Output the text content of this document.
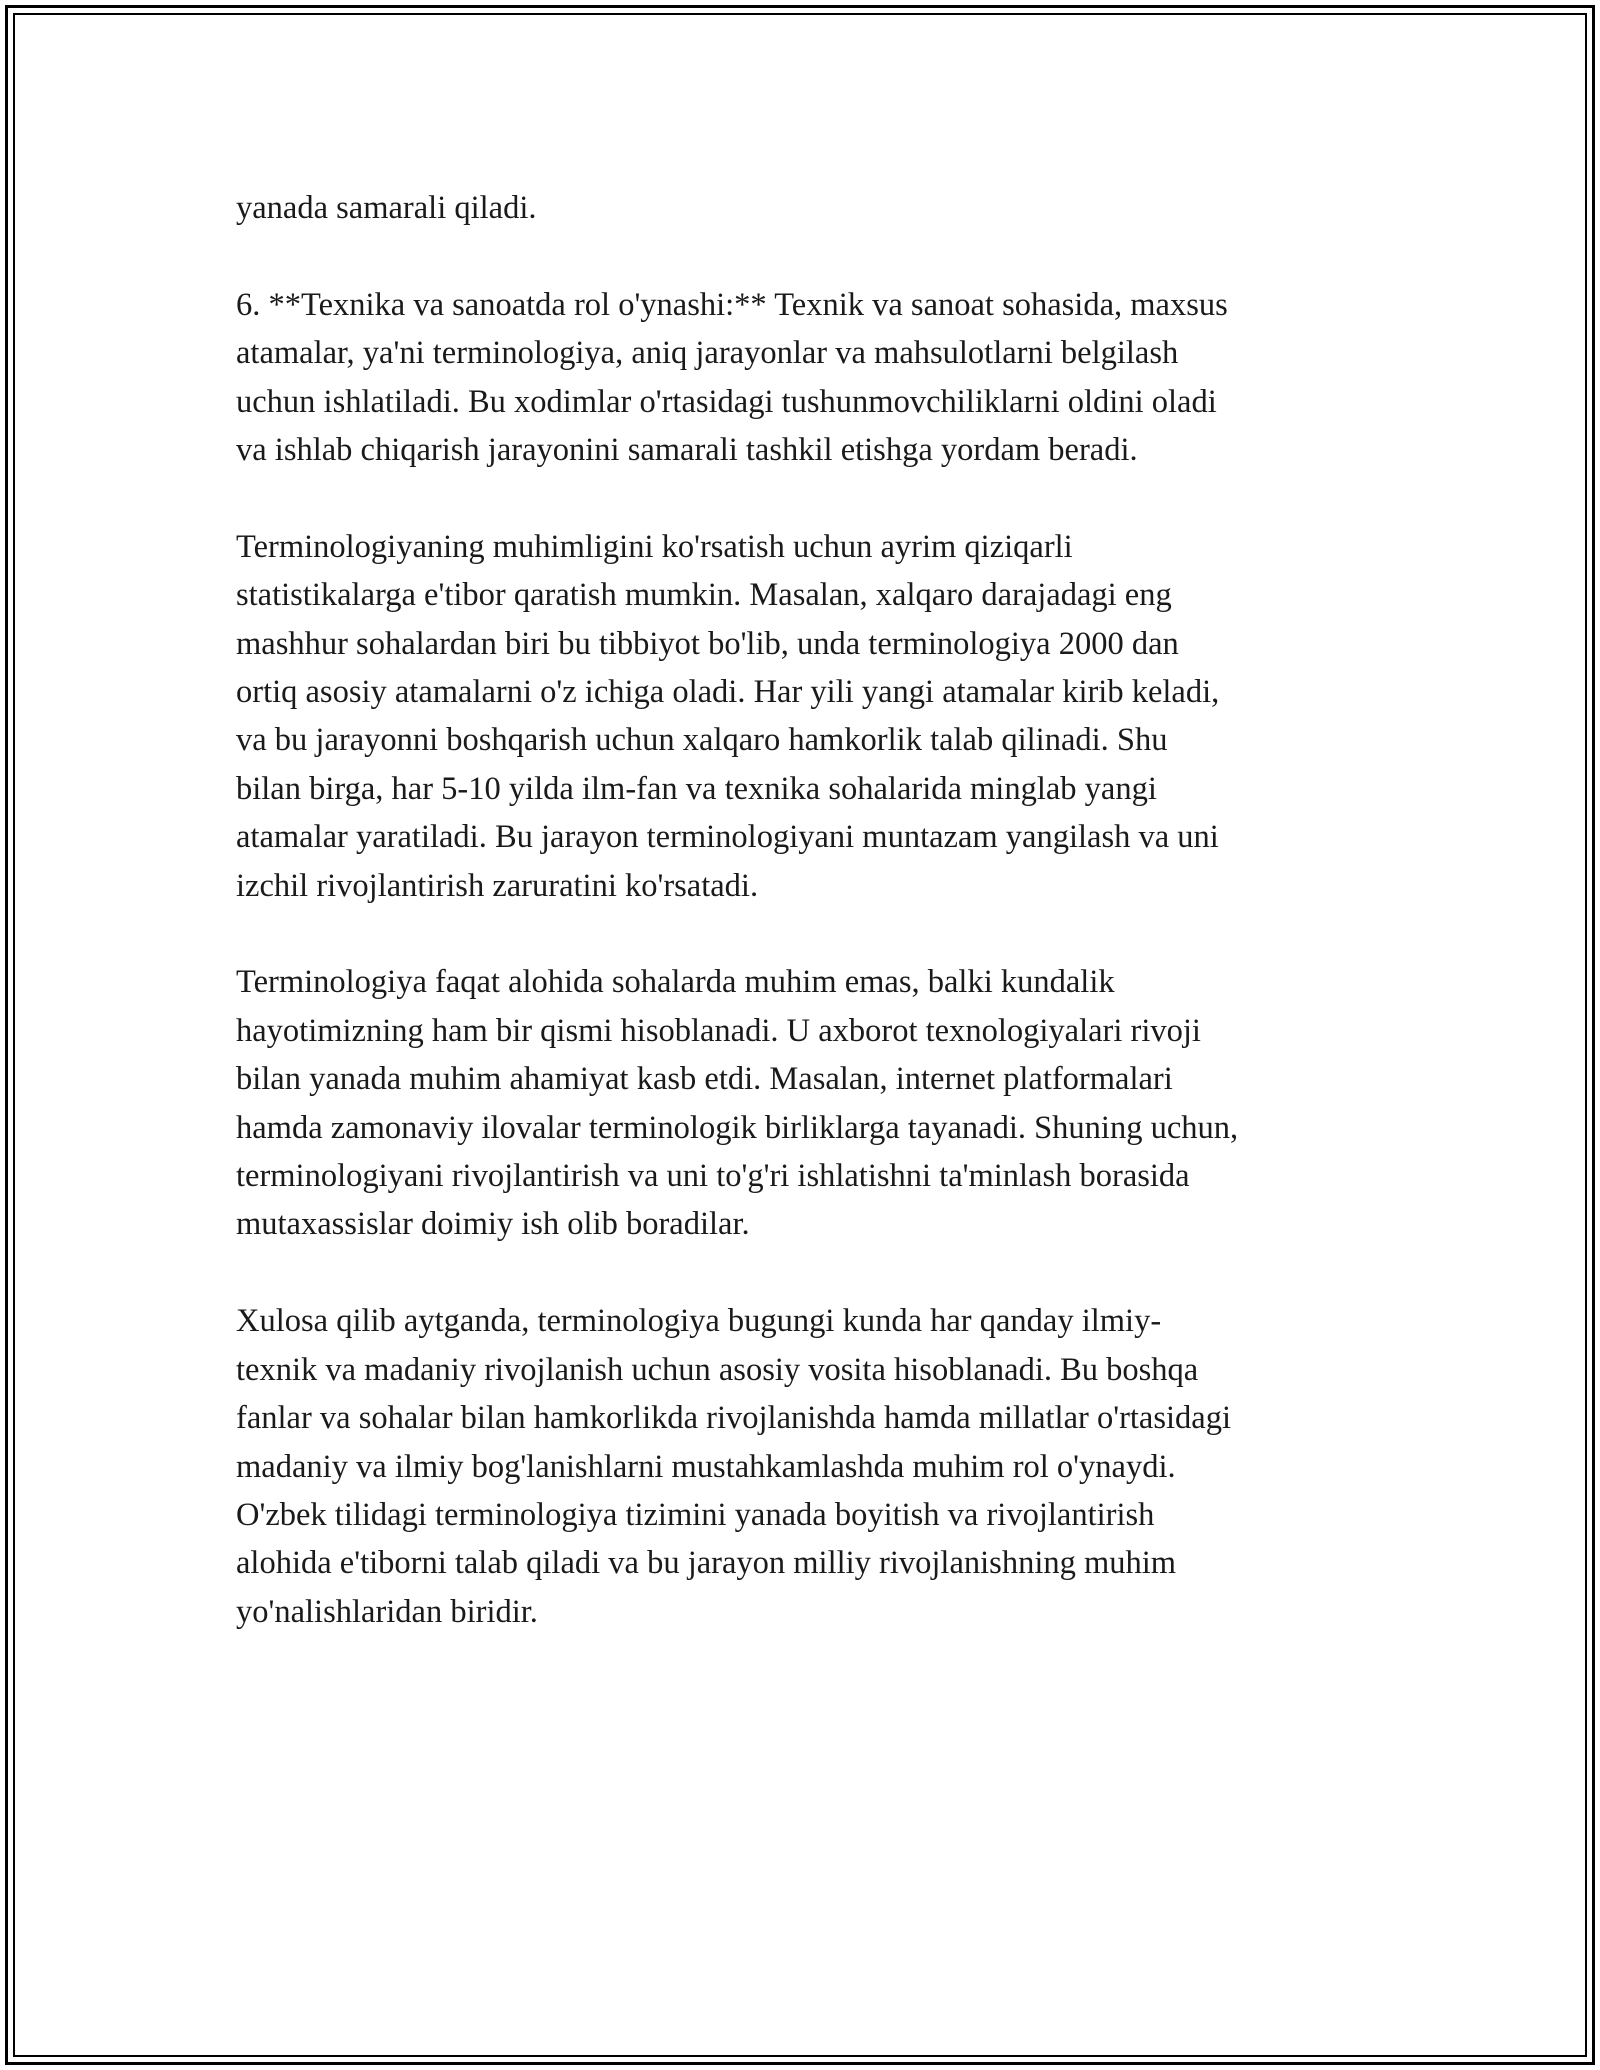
yanada samarali qiladi.

6. **Texnika va sanoatda rol o'ynashi:** Texnik va sanoat sohasida, maxsus
atamalar, ya'ni terminologiya, aniq jarayonlar va mahsulotlarni belgilash
uchun ishlatiladi. Bu xodimlar o'rtasidagi tushunmovchiliklarni oldini oladi
va ishlab chiqarish jarayonini samarali tashkil etishga yordam beradi.

Terminologiyaning muhimligini ko'rsatish uchun ayrim qiziqarli
statistikalarga e'tibor qaratish mumkin. Masalan, xalqaro darajadagi eng
mashhur sohalardan biri bu tibbiyot bo'lib, unda terminologiya 2000 dan
ortiq asosiy atamalarni o'z ichiga oladi. Har yili yangi atamalar kirib keladi,
va bu jarayonni boshqarish uchun xalqaro hamkorlik talab qilinadi. Shu
bilan birga, har 5-10 yilda ilm-fan va texnika sohalarida minglab yangi
atamalar yaratiladi. Bu jarayon terminologiyani muntazam yangilash va uni
izchil rivojlantirish zaruratini ko'rsatadi.

Terminologiya faqat alohida sohalarda muhim emas, balki kundalik
hayotimizning ham bir qismi hisoblanadi. U axborot texnologiyalari rivoji
bilan yanada muhim ahamiyat kasb etdi. Masalan, internet platformalari
hamda zamonaviy ilovalar terminologik birliklarga tayanadi. Shuning uchun,
terminologiyani rivojlantirish va uni to'g'ri ishlatishni ta'minlash borasida
mutaxassislar doimiy ish olib boradilar.

Xulosa qilib aytganda, terminologiya bugungi kunda har qanday ilmiy-
texnik va madaniy rivojlanish uchun asosiy vosita hisoblanadi. Bu boshqa
fanlar va sohalar bilan hamkorlikda rivojlanishda hamda millatlar o'rtasidagi
madaniy va ilmiy bog'lanishlarni mustahkamlashda muhim rol o'ynaydi.
O'zbek tilidagi terminologiya tizimini yanada boyitish va rivojlantirish
alohida e'tiborni talab qiladi va bu jarayon milliy rivojlanishning muhim
yo'nalishlaridan biridir.
